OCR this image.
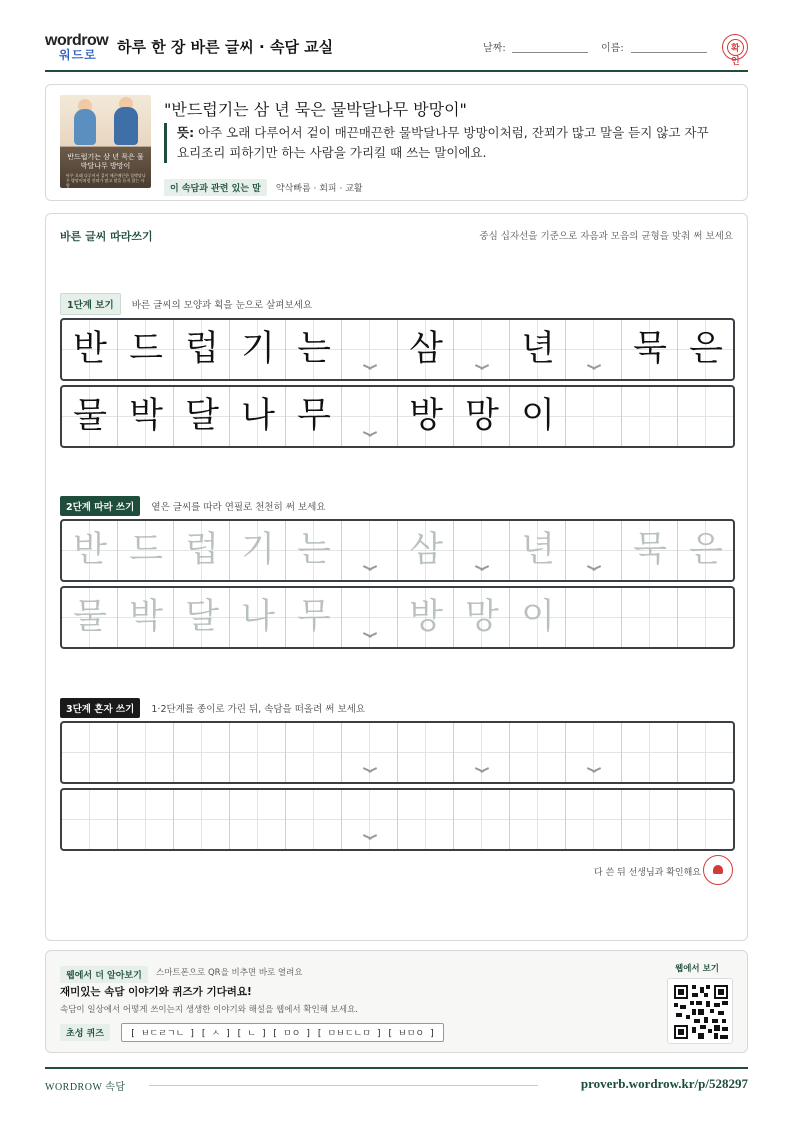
wordrow
워드로 하루 한 장 바른 글씨 · 속담 교실	날짜:	이름:	확인
반드럽기는 삼 년 묵은 물박달나무 방망이
아주 오래 다루어서 겉이 매끈매끈한 물박달나무 방망이처럼 잔꾀가 많고 말을 듣지 않는 사람
"반드럽기는 삼 년 묵은 물박달나무 방망이"
뜻: 아주 오래 다루어서 겉이 매끈매끈한 물박달나무 방망이처럼, 잔꾀가 많고 말을 듣지 않고 자꾸 요리조리 피하기만 하는 사람을 가리킬 때 쓰는 말이에요.
이 속담과 관련 있는 말 약삭빠름 · 회피 · 교활
바른 글씨 따라쓰기	중심 십자선을 기준으로 자음과 모음의 균형을 맞춰 써 보세요
1단계 보기 바른 글씨의 모양과 획을 눈으로 살펴보세요
반 드 럽 기 는	삼	년	묵 은
물 박 달 나 무	방 망 이
2단계 따라 쓰기 옅은 글씨를 따라 연필로 천천히 써 보세요
반 드 럽 기 는	삼	년	묵 은
물 박 달 나 무	방 망 이
3단계 혼자 쓰기 1·2단계를 종이로 가린 뒤, 속담을 떠올려 써 보세요
다 쓴 뒤 선생님과 확인해요
웹에서 더 알아보기	스마트폰으로 QR을 비추면 바로 열려요
재미있는 속담 이야기와 퀴즈가 기다려요!
속담이 일상에서 어떻게 쓰이는지 생생한 이야기와 해설을 웹에서 확인해 보세요.
초성 퀴즈	[ ㅂㄷㄹㄱㄴ ] [ ㅅ ] [ ㄴ ] [ ㅁㅇ ] [ ㅁㅂㄷㄴㅁ ] [ ㅂㅁㅇ ]
웹에서 보기
WORDROW 속담	proverb.wordrow.kr/p/528297
